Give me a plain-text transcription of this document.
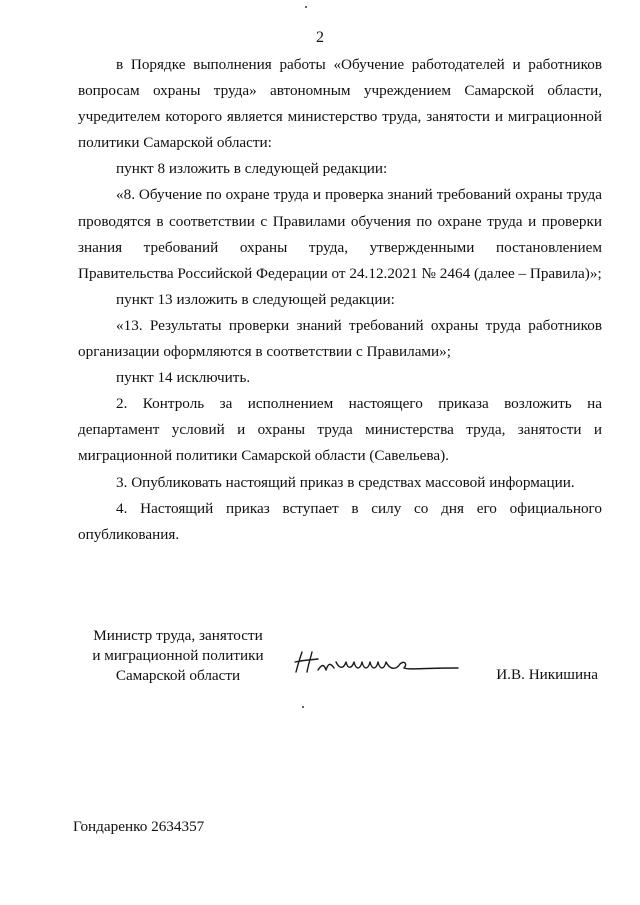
2

в Порядке выполнения работы «Обучение работодателей и работников вопросам охраны труда» автономным учреждением Самарской области, учредителем которого является министерство труда, занятости и миграционной политики Самарской области:

пункт 8 изложить в следующей редакции:

«8. Обучение по охране труда и проверка знаний требований охраны труда проводятся в соответствии с Правилами обучения по охране труда и проверки знания требований охраны труда, утвержденными постановлением Правительства Российской Федерации от 24.12.2021 № 2464 (далее – Правила)»;

пункт 13 изложить в следующей редакции:

«13. Результаты проверки знаний требований охраны труда работников организации оформляются в соответствии с Правилами»;

пункт 14 исключить.

2. Контроль за исполнением настоящего приказа возложить на департамент условий и охраны труда министерства труда, занятости и миграционной политики Самарской области (Савельева).

3. Опубликовать настоящий приказ в средствах массовой информации.

4. Настоящий приказ вступает в силу со дня его официального опубликования.

Министр труда, занятости
и миграционной политики
Самарской области	И.В. Никишина
Гондаренко 2634357
